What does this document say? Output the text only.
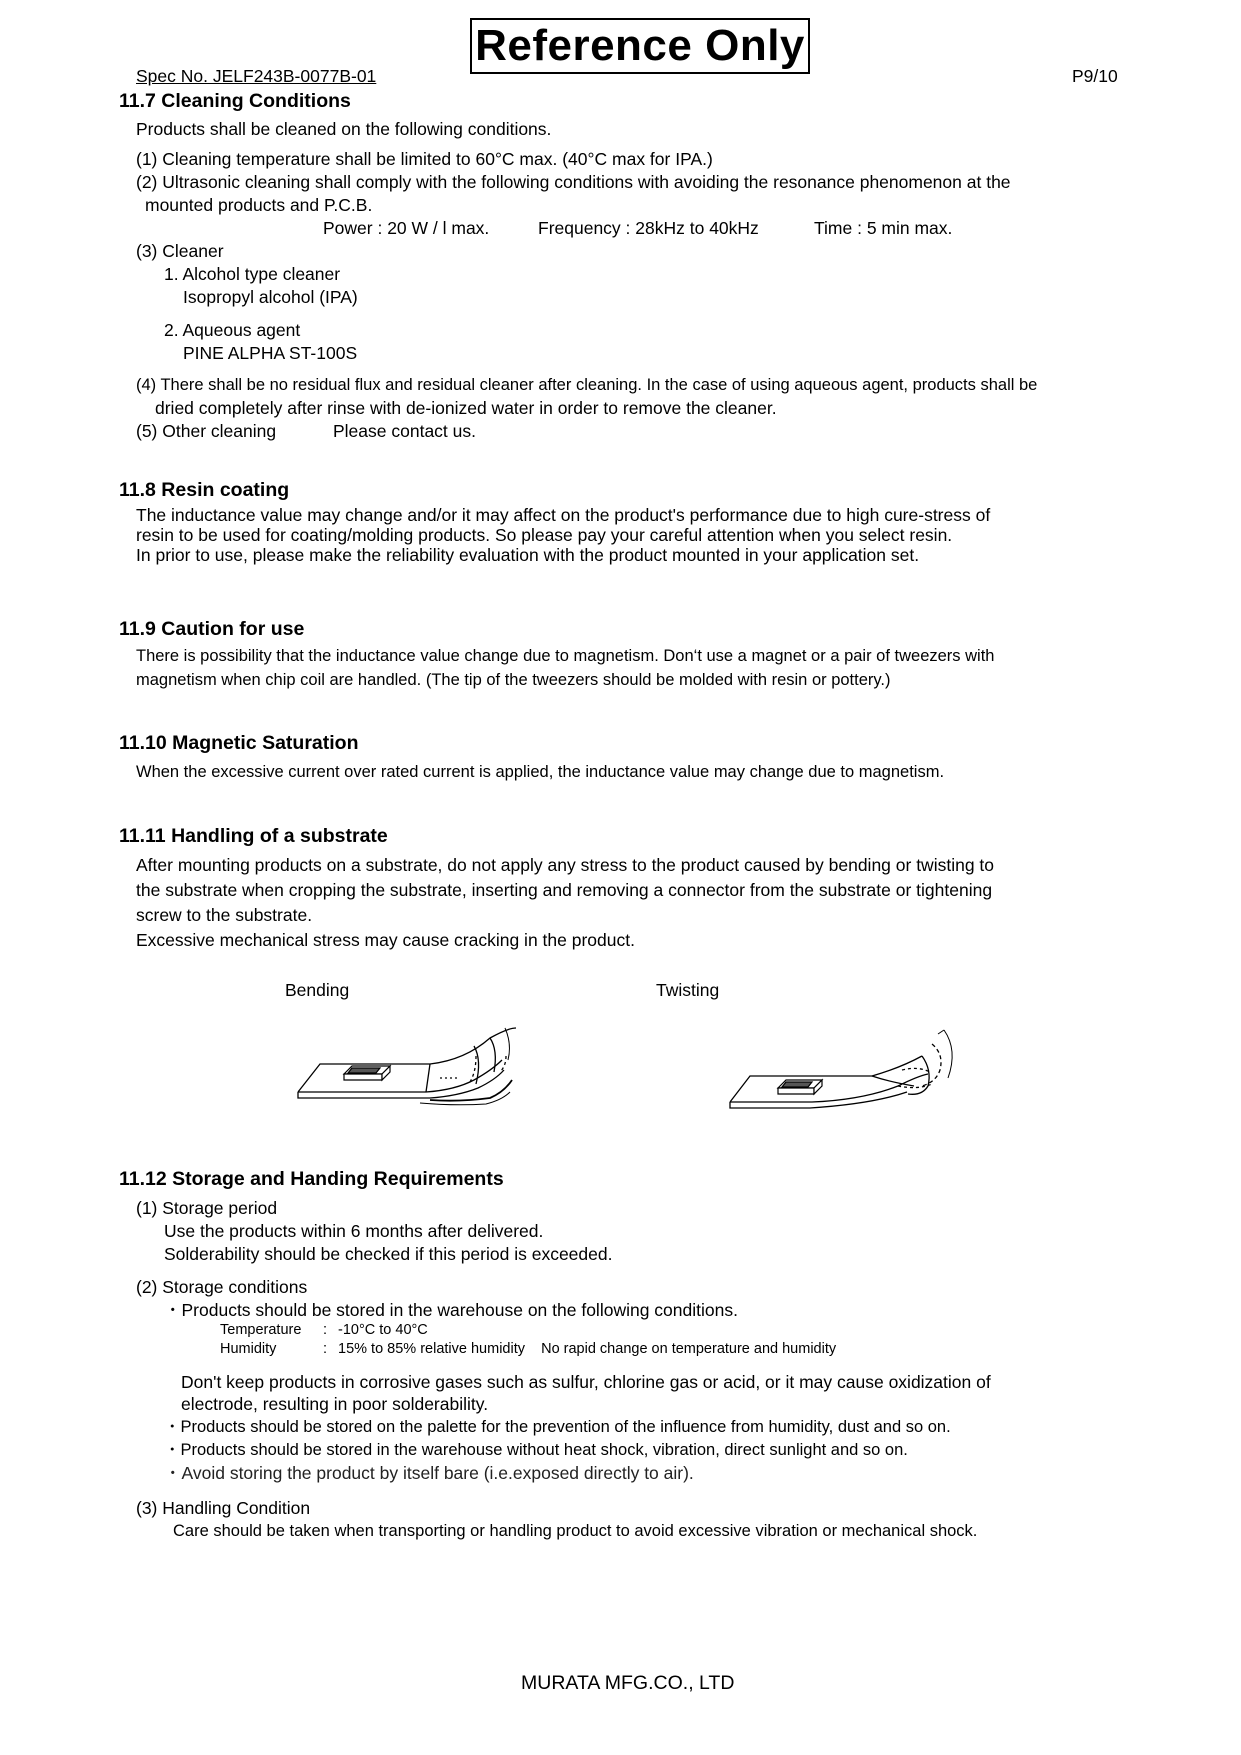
Spec No. JELF243B-0077B-01
Reference Only
P9/10
11.7 Cleaning Conditions
Products shall be cleaned on the following conditions.
(1) Cleaning temperature shall be limited to 60°C max. (40°C max for IPA.)
(2) Ultrasonic cleaning shall comply with the following conditions with avoiding the resonance phenomenon at the
mounted products and P.C.B.
Power : 20 W / l max.	Frequency : 28kHz to 40kHz	Time : 5 min max.
(3) Cleaner
1. Alcohol type cleaner
Isopropyl alcohol (IPA)
2. Aqueous agent
PINE ALPHA ST-100S
(4) There shall be no residual flux and residual cleaner after cleaning. In the case of using aqueous agent, products shall be
dried completely after rinse with de-ionized water in order to remove the cleaner.
(5) Other cleaning	Please contact us.
11.8 Resin coating
The inductance value may change and/or it may affect on the product's performance due to high cure-stress of
resin to be used for coating/molding products. So please pay your careful attention when you select resin.
In prior to use, please make the reliability evaluation with the product mounted in your application set.
11.9 Caution for use
There is possibility that the inductance value change due to magnetism. Don‘t use a magnet or a pair of tweezers with
magnetism when chip coil are handled. (The tip of the tweezers should be molded with resin or pottery.)
11.10 Magnetic Saturation
When the excessive current over rated current is applied, the inductance value may change due to magnetism.
11.11 Handling of a substrate
After mounting products on a substrate, do not apply any stress to the product caused by bending or twisting to
the substrate when cropping the substrate, inserting and removing a connector from the substrate or tightening
screw to the substrate.
Excessive mechanical stress may cause cracking in the product.
Bending	Twisting
11.12 Storage and Handing Requirements
(1) Storage period
Use the products within 6 months after delivered.
Solderability should be checked if this period is exceeded.
(2) Storage conditions
・Products should be stored in the warehouse on the following conditions.
Temperature : -10°C to 40°C
Humidity	: 15% to 85% relative humidity    No rapid change on temperature and humidity
Don't keep products in corrosive gases such as sulfur, chlorine gas or acid, or it may cause oxidization of
electrode, resulting in poor solderability.
・Products should be stored on the palette for the prevention of the influence from humidity, dust and so on.
・Products should be stored in the warehouse without heat shock, vibration, direct sunlight and so on.
・Avoid storing the product by itself bare (i.e.exposed directly to air).
(3) Handling Condition
Care should be taken when transporting or handling product to avoid excessive vibration or mechanical shock.
MURATA MFG.CO., LTD
